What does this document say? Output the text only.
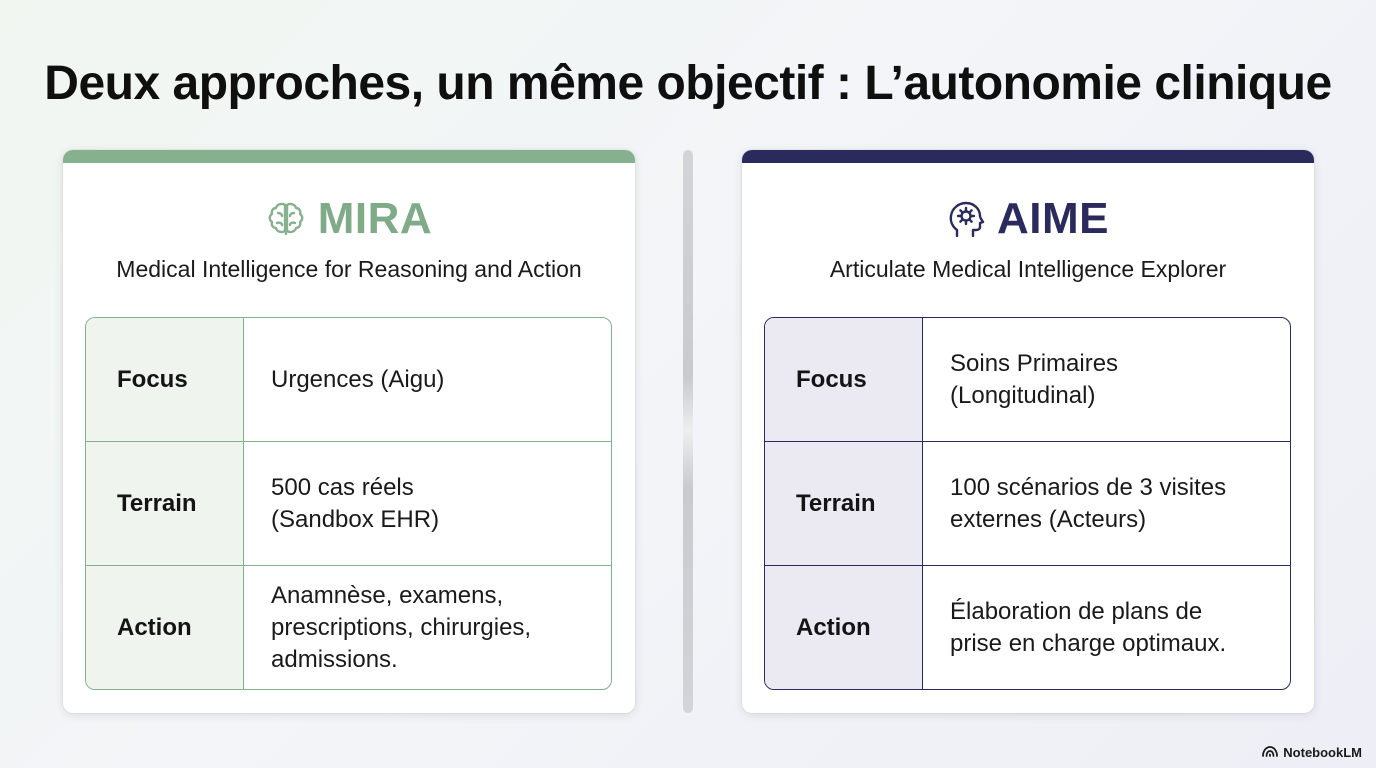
Deux approches, un même objectif : L’autonomie clinique
MIRA
Medical Intelligence for Reasoning and Action
Focus	Urgences (Aigu)
Terrain
500 cas réels
(Sandbox EHR)
Action
Anamnèse, examens,
prescriptions, chirurgies,
admissions.
AIME
Articulate Medical Intelligence Explorer
Focus
Soins Primaires
(Longitudinal)
Terrain
100 scénarios de 3 visites
externes (Acteurs)
Action
Élaboration de plans de
prise en charge optimaux.
NotebookLM
